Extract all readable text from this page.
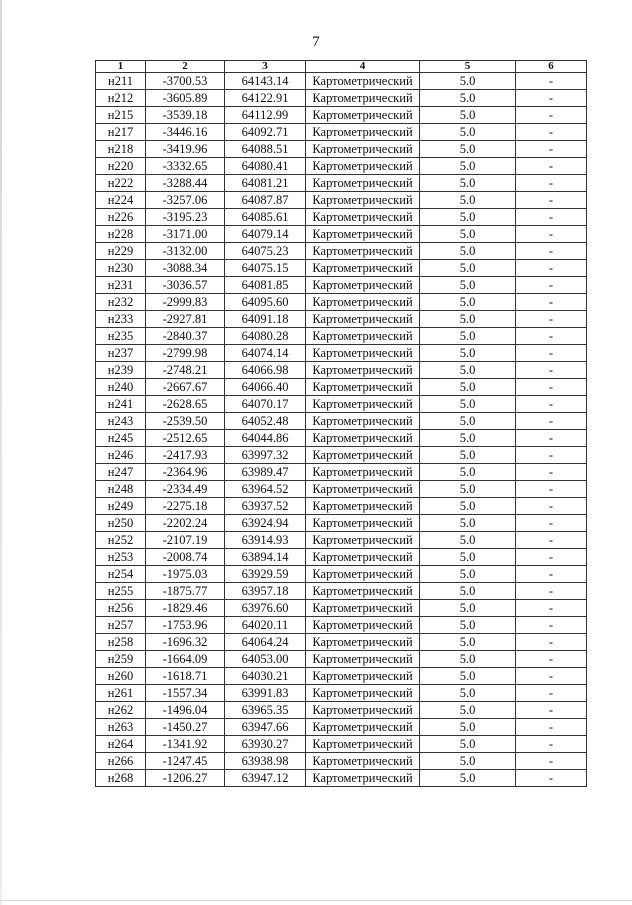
7
1	2	3	4	5	6
н211	-3700.53	64143.14	Картометрический	5.0	-
н212	-3605.89	64122.91	Картометрический	5.0	-
н215	-3539.18	64112.99	Картометрический	5.0	-
н217	-3446.16	64092.71	Картометрический	5.0	-
н218	-3419.96	64088.51	Картометрический	5.0	-
н220	-3332.65	64080.41	Картометрический	5.0	-
н222	-3288.44	64081.21	Картометрический	5.0	-
н224	-3257.06	64087.87	Картометрический	5.0	-
н226	-3195.23	64085.61	Картометрический	5.0	-
н228	-3171.00	64079.14	Картометрический	5.0	-
н229	-3132.00	64075.23	Картометрический	5.0	-
н230	-3088.34	64075.15	Картометрический	5.0	-
н231	-3036.57	64081.85	Картометрический	5.0	-
н232	-2999.83	64095.60	Картометрический	5.0	-
н233	-2927.81	64091.18	Картометрический	5.0	-
н235	-2840.37	64080.28	Картометрический	5.0	-
н237	-2799.98	64074.14	Картометрический	5.0	-
н239	-2748.21	64066.98	Картометрический	5.0	-
н240	-2667.67	64066.40	Картометрический	5.0	-
н241	-2628.65	64070.17	Картометрический	5.0	-
н243	-2539.50	64052.48	Картометрический	5.0	-
н245	-2512.65	64044.86	Картометрический	5.0	-
н246	-2417.93	63997.32	Картометрический	5.0	-
н247	-2364.96	63989.47	Картометрический	5.0	-
н248	-2334.49	63964.52	Картометрический	5.0	-
н249	-2275.18	63937.52	Картометрический	5.0	-
н250	-2202.24	63924.94	Картометрический	5.0	-
н252	-2107.19	63914.93	Картометрический	5.0	-
н253	-2008.74	63894.14	Картометрический	5.0	-
н254	-1975.03	63929.59	Картометрический	5.0	-
н255	-1875.77	63957.18	Картометрический	5.0	-
н256	-1829.46	63976.60	Картометрический	5.0	-
н257	-1753.96	64020.11	Картометрический	5.0	-
н258	-1696.32	64064.24	Картометрический	5.0	-
н259	-1664.09	64053.00	Картометрический	5.0	-
н260	-1618.71	64030.21	Картометрический	5.0	-
н261	-1557.34	63991.83	Картометрический	5.0	-
н262	-1496.04	63965.35	Картометрический	5.0	-
н263	-1450.27	63947.66	Картометрический	5.0	-
н264	-1341.92	63930.27	Картометрический	5.0	-
н266	-1247.45	63938.98	Картометрический	5.0	-
н268	-1206.27	63947.12	Картометрический	5.0	-
